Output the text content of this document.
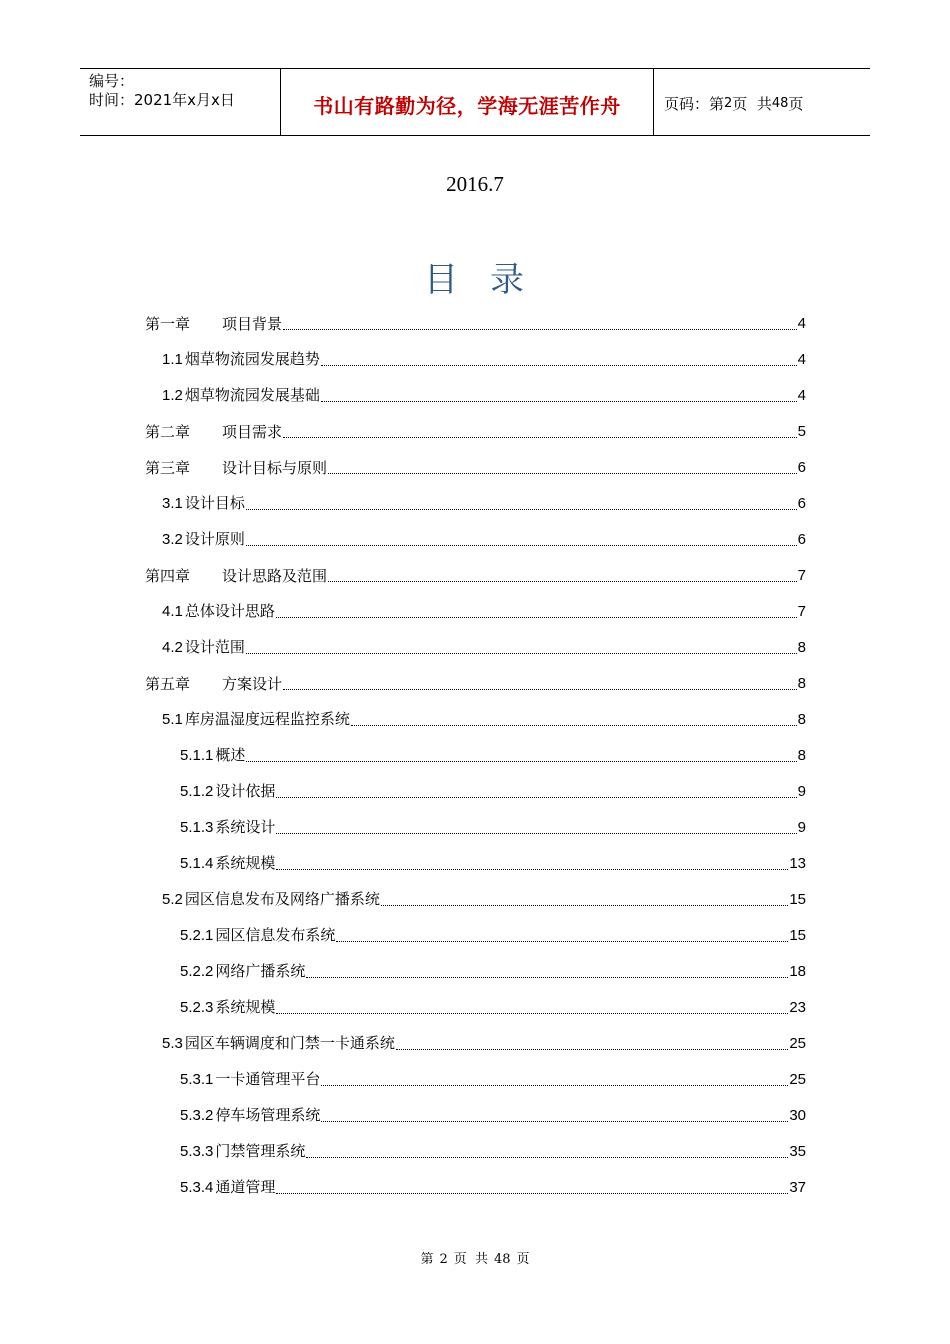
编号：
时间：2021年x月x日	书山有路勤为径，学海无涯苦作舟	页码：第 2 页  共 48 页
2016.7
目录
第一章 项目背景	4
1.1 烟草物流园发展趋势	4
1.2 烟草物流园发展基础	4
第二章 项目需求	5
第三章 设计目标与原则	6
3.1 设计目标	6
3.2 设计原则	6
第四章 设计思路及范围	7
4.1 总体设计思路	7
4.2 设计范围	8
第五章 方案设计	8
5.1 库房温湿度远程监控系统	8
5.1.1 概述	8
5.1.2 设计依据	9
5.1.3 系统设计	9
5.1.4 系统规模	13
5.2 园区信息发布及网络广播系统	15
5.2.1 园区信息发布系统	15
5.2.2 网络广播系统	18
5.2.3 系统规模	23
5.3 园区车辆调度和门禁一卡通系统	25
5.3.1 一卡通管理平台	25
5.3.2 停车场管理系统	30
5.3.3 门禁管理系统	35
5.3.4 通道管理	37
第 2 页  共 48 页
